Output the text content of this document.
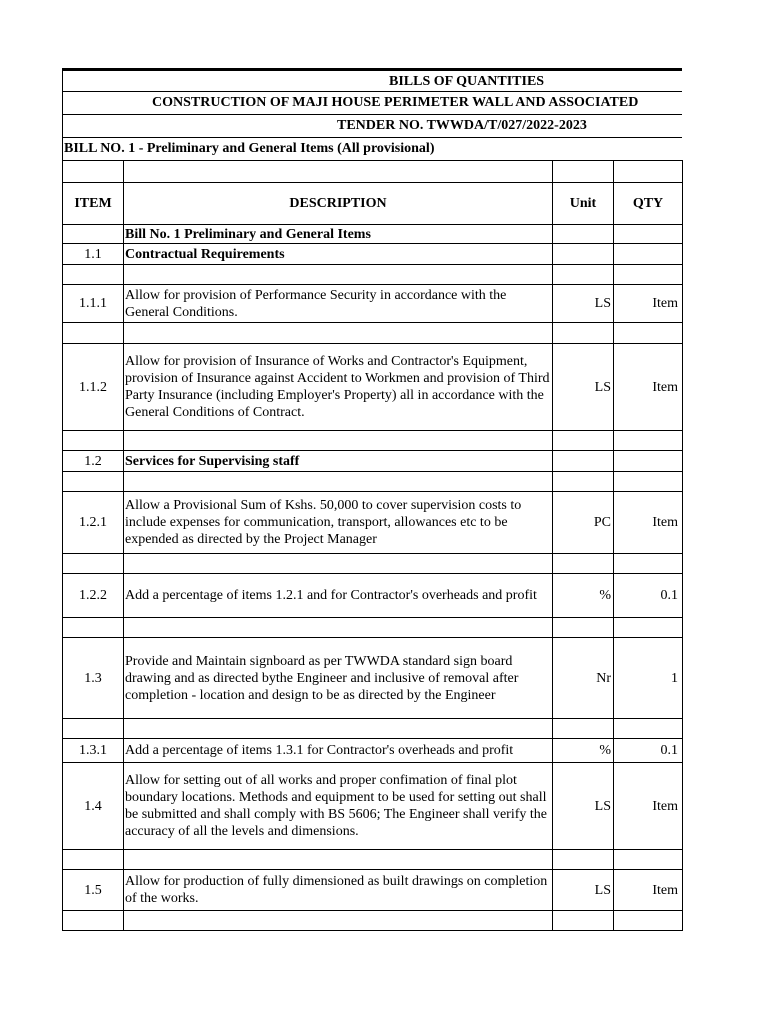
BILLS OF QUANTITIES
CONSTRUCTION OF MAJI HOUSE PERIMETER WALL AND ASSOCIATED
TENDER NO. TWWDA/T/027/2022-2023
BILL NO. 1 - Preliminary and General Items (All provisional)

ITEM	DESCRIPTION	Unit	QTY
	Bill No. 1 Preliminary and General Items		
1.1	Contractual Requirements		

1.1.1	Allow for provision of Performance Security in accordance with the General Conditions.	LS	Item

1.1.2	Allow for provision of Insurance of Works and Contractor's Equipment, provision of Insurance against Accident to Workmen and provision of Third Party Insurance (including Employer's Property) all in accordance with the General Conditions of Contract.	LS	Item

1.2	Services for Supervising staff		

1.2.1	Allow a Provisional Sum of Kshs. 50,000 to cover supervision costs to include expenses for communication, transport, allowances etc to be expended as directed by the Project Manager	PC	Item

1.2.2	Add a percentage of items 1.2.1 and for Contractor's overheads and profit	%	0.1

1.3	Provide and Maintain signboard as per TWWDA standard sign board drawing and as directed bythe Engineer and inclusive of removal after completion - location and design to be as directed by the Engineer	Nr	1

1.3.1	Add a percentage of items 1.3.1 for Contractor's overheads and profit	%	0.1
1.4	Allow for setting out of all works and proper confimation of final plot boundary locations. Methods and equipment to be used for setting out shall be submitted and shall comply with BS 5606; The Engineer shall verify the accuracy of all the levels and dimensions.	LS	Item

1.5	Allow for production of fully dimensioned as built drawings on completion of the works.	LS	Item
